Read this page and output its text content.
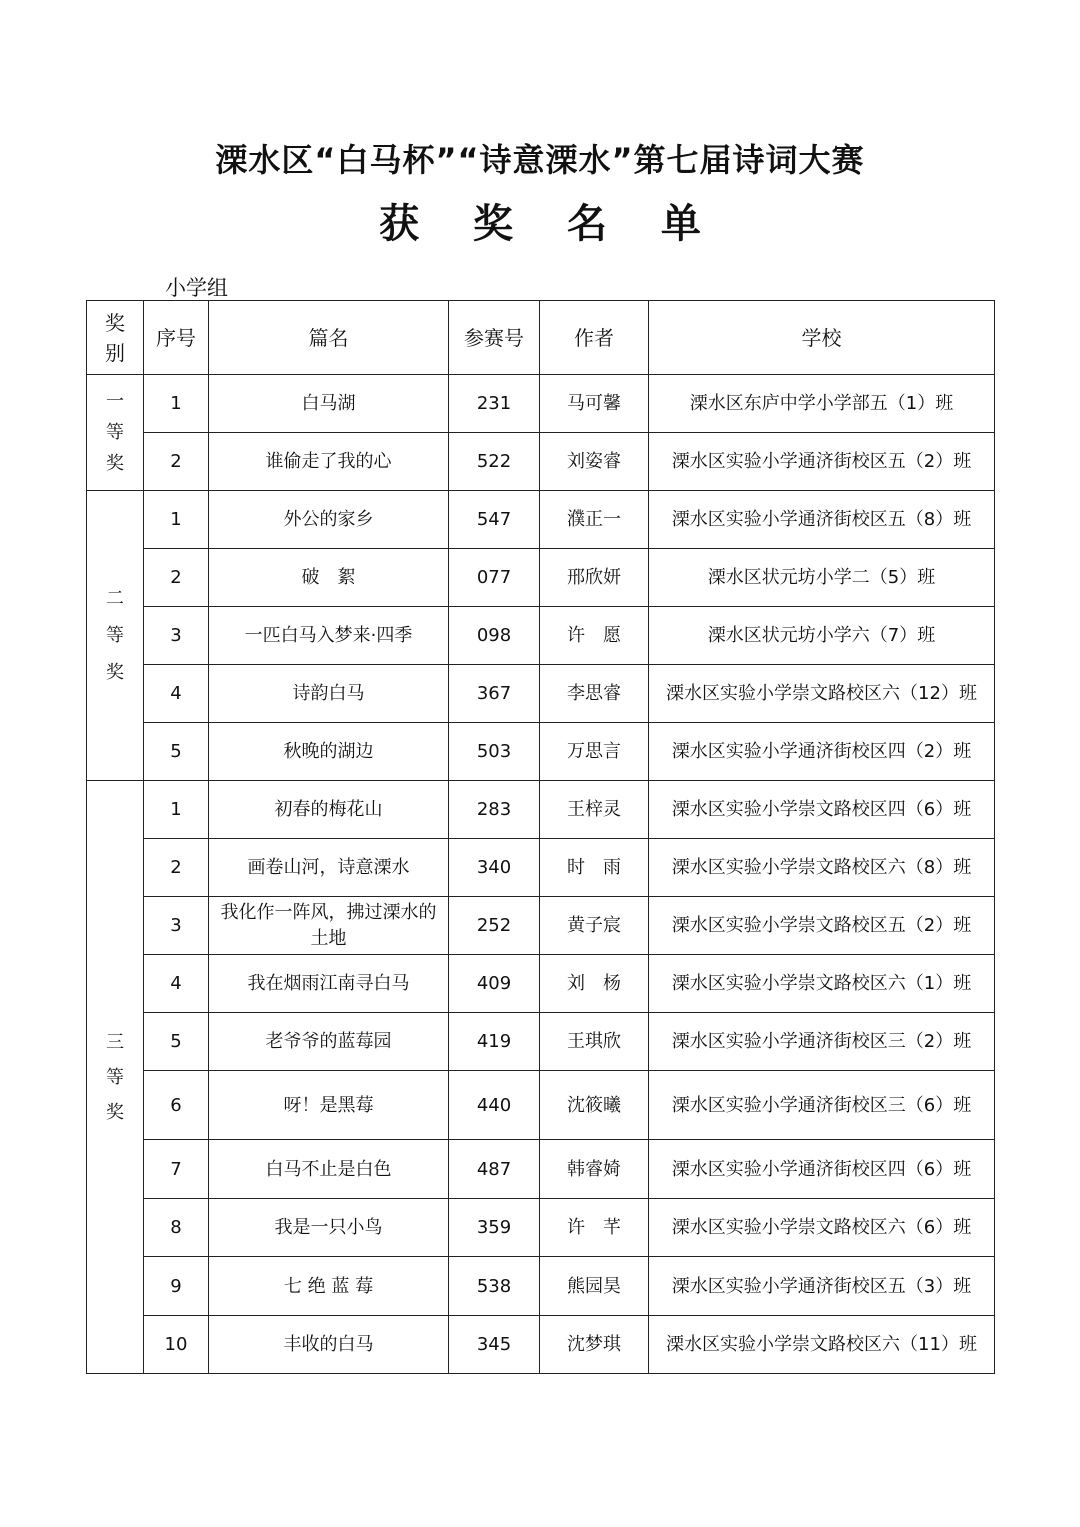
溧水区“白马杯”“诗意溧水”第七届诗词大赛
获 奖 名 单
小学组
奖
别	序号	篇名	参赛号	作者	学校

一
等
奖	1	白马湖	231	马可馨	溧水区东庐中学小学部五（1）班
	2	谁偷走了我的心	522	刘姿睿	溧水区实验小学通济街校区五（2）班

二
等
奖	1	外公的家乡	547	濮正一	溧水区实验小学通济街校区五（8）班
	2	破　絮	077	邢欣妍	溧水区状元坊小学二（5）班
	3	一匹白马入梦来·四季	098	许　愿	溧水区状元坊小学六（7）班
	4	诗韵白马	367	李思睿	溧水区实验小学崇文路校区六（12）班
	5	秋晚的湖边	503	万思言	溧水区实验小学通济街校区四（2）班

三
等
奖	1	初春的梅花山	283	王梓灵	溧水区实验小学崇文路校区四（6）班
	2	画卷山河，诗意溧水	340	时　雨	溧水区实验小学崇文路校区六（8）班
	3	我化作一阵风，拂过溧水的土地	252	黄子宸	溧水区实验小学崇文路校区五（2）班
	4	我在烟雨江南寻白马	409	刘　杨	溧水区实验小学崇文路校区六（1）班
	5	老爷爷的蓝莓园	419	王琪欣	溧水区实验小学通济街校区三（2）班
	6	呀！是黑莓	440	沈筱曦	溧水区实验小学通济街校区三（6）班
	7	白马不止是白色	487	韩睿婍	溧水区实验小学通济街校区四（6）班
	8	我是一只小鸟	359	许　芊	溧水区实验小学崇文路校区六（6）班
	9	七 绝 蓝 莓	538	熊园昊	溧水区实验小学通济街校区五（3）班
	10	丰收的白马	345	沈梦琪	溧水区实验小学崇文路校区六（11）班
